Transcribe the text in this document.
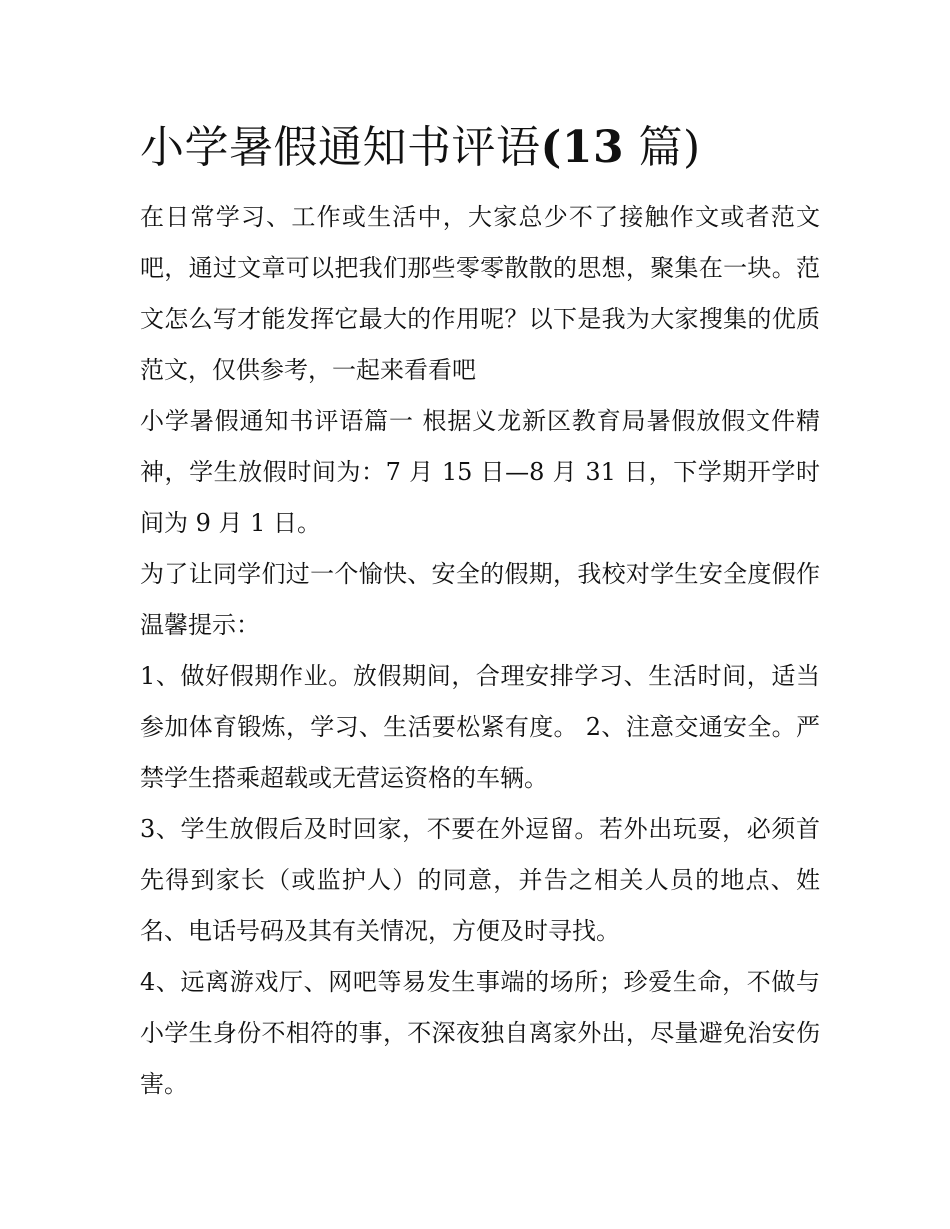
小学暑假通知书评语(13 篇)

在日常学习、工作或生活中，大家总少不了接触作文或者范文吧，通过文章可以把我们那些零零散散的思想，聚集在一块。范文怎么写才能发挥它最大的作用呢？以下是我为大家搜集的优质范文，仅供参考，一起来看看吧

小学暑假通知书评语篇一 根据义龙新区教育局暑假放假文件精神，学生放假时间为：7 月 15 日—8 月 31 日，下学期开学时间为 9 月 1 日。

为了让同学们过一个愉快、安全的假期，我校对学生安全度假作温馨提示：

1、做好假期作业。放假期间，合理安排学习、生活时间，适当参加体育锻炼，学习、生活要松紧有度。 2、注意交通安全。严禁学生搭乘超载或无营运资格的车辆。

3、学生放假后及时回家，不要在外逗留。若外出玩耍，必须首先得到家长（或监护人）的同意，并告之相关人员的地点、姓名、电话号码及其有关情况，方便及时寻找。

4、远离游戏厅、网吧等易发生事端的场所；珍爱生命，不做与小学生身份不相符的事，不深夜独自离家外出，尽量避免治安伤害。
